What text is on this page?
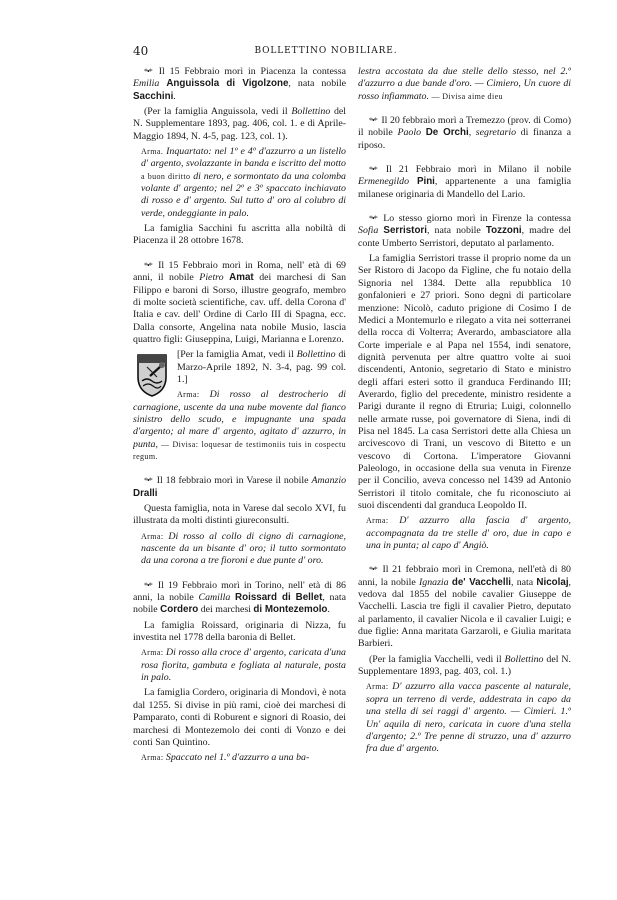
40	BOLLETTINO NOBILIARE.

*•* Il 15 Febbraio morì in Piacenza la contessa Emilia Anguissola di Vigolzone, nata nobile Sacchini.

(Per la famiglia Anguissola, vedi il Bollettino del N. Supplementare 1893, pag. 406, col. 1. e di Aprile-Maggio 1894, N. 4-5, pag. 123, col. 1).

Arma. Inquartato: nel 1º e 4º d'azzurro a un listello d' argento, svolazzante in banda e iscritto del motto a buon diritto di nero, e sormontato da una colomba volante d' argento; nel 2º e 3º spaccato inchiavato di rosso e d' argento. Sul tutto d' oro al colubro di verde, ondeggiante in palo.

La famiglia Sacchini fu ascritta alla nobiltà di Piacenza il 28 ottobre 1678.

*•* Il 15 Febbraio morì in Roma, nell' età di 69 anni, il nobile Pietro Amat dei marchesi di San Filippo e baroni di Sorso, illustre geografo, membro di molte società scientifiche, cav. uff. della Corona d' Italia e cav. dell' Ordine di Carlo III di Spagna, ecc. Dalla consorte, Angelina nata nobile Musio, lascia quattro figli: Giuseppina, Luigi, Marianna e Lorenzo.

[Per la famiglia Amat, vedi il Bollettino di Marzo-Aprile 1892, N. 3-4, pag. 99 col. 1.]

Arma: Di rosso al destrocherio di carnagione, uscente da una nube movente dal fianco sinistro dello scudo, e impugnante una spada d'argento; al mare d' argento, agitato d' azzurro, in punta, — Divisa: loquesar de testimoniis tuis in cospectu regum.

*•* Il 18 febbraio morì in Varese il nobile Amanzio Dralli

Questa famiglia, nota in Varese dal secolo XVI, fu illustrata da molti distinti giureconsulti.

Arma: Di rosso al collo di cigno di carnagione, nascente da un bisante d' oro; il tutto sormontato da una corona a tre fioroni e due punte d' oro.

*•* Il 19 Febbraio morì in Torino, nell' età di 86 anni, la nobile Camilla Roissard di Bellet, nata nobile Cordero dei marchesi di Montezemolo.

La famiglia Roissard, originaria di Nizza, fu investita nel 1778 della baronia di Bellet.

Arma: Di rosso alla croce d' argento, caricata d'una rosa fiorita, gambuta e fogliata al naturale, posta in palo.

La famiglia Cordero, originaria di Mondovì, è nota dal 1255. Si divise in più rami, cioè dei marchesi di Pamparato, conti di Roburent e signori di Roasio, dei marchesi di Montezemolo dei conti di Vonzo e dei conti San Quintino.

Arma: Spaccato nel 1.º d'azzurro a una ba-

lestra accostata da due stelle dello stesso, nel 2.º d'azzurro a due bande d'oro. — Cimiero, Un cuore di rosso infiammato. — Divisa aime dieu

*•* Il 20 febbraio morì a Tremezzo (prov. di Como) il nobile Paolo De Orchi, segretario di finanza a riposo.

*•* Il 21 Febbraio morì in Milano il nobile Ermenegildo Pini, appartenente a una famiglia milanese originaria di Mandello del Lario.

*•* Lo stesso giorno morì in Firenze la contessa Sofia Serristori, nata nobile Tozzoni, madre del conte Umberto Serristori, deputato al parlamento.

La famiglia Serristori trasse il proprio nome da un Ser Ristoro di Jacopo da Figline, che fu notaio della Signoria nel 1384. Dette alla repubblica 10 gonfalonieri e 27 priori. Sono degni di particolare menzione: Nicolò, caduto prigione di Cosimo I de Medici a Montemurlo e rilegato a vita nei sotterranei della rocca di Volterra; Averardo, ambasciatore alla Corte imperiale e al Papa nel 1554, indi senatore, dignità pervenuta per altre quattro volte ai suoi discendenti, Antonio, segretario di Stato e ministro degli affari esteri sotto il granduca Ferdinando III; Averardo, figlio del precedente, ministro residente a Parigi durante il regno di Etruria; Luigi, colonnello nelle armate russe, poi governatore di Siena, indi di Pisa nel 1845. La casa Serristori dette alla Chiesa un arcivescovo di Trani, un vescovo di Bitetto e un vescovo di Cortona. L'imperatore Giovanni Paleologo, in occasione della sua venuta in Firenze per il Concilio, aveva concesso nel 1439 ad Antonio Serristori il titolo comitale, che fu riconosciuto ai suoi discendenti dal granduca Leopoldo II.

Arma: D' azzurro alla fascia d' argento, accompagnata da tre stelle d' oro, due in capo e una in punta; al capo d' Angiò.

*•* Il 21 febbraio morì in Cremona, nell'età di 80 anni, la nobile Ignazia de' Vacchelli, nata Nicolaj, vedova dal 1855 del nobile cavalier Giuseppe de Vacchelli. Lascia tre figli il cavalier Pietro, deputato al parlamento, il cavalier Nicola e il cavalier Luigi; e due figlie: Anna maritata Garzaroli, e Giulia maritata Barbieri.

(Per la famiglia Vacchelli, vedi il Bollettino del N. Supplementare 1893, pag. 403, col. 1.)

Arma: D' azzurro alla vacca pascente al naturale, sopra un terreno di verde, addestrata in capo da una stella di sei raggi d' argento. — Cimieri. 1.º Un' aquila di nero, caricata in cuore d'una stella d'argento; 2.º Tre penne di struzzo, una d' azzurro fra due d' argento.
